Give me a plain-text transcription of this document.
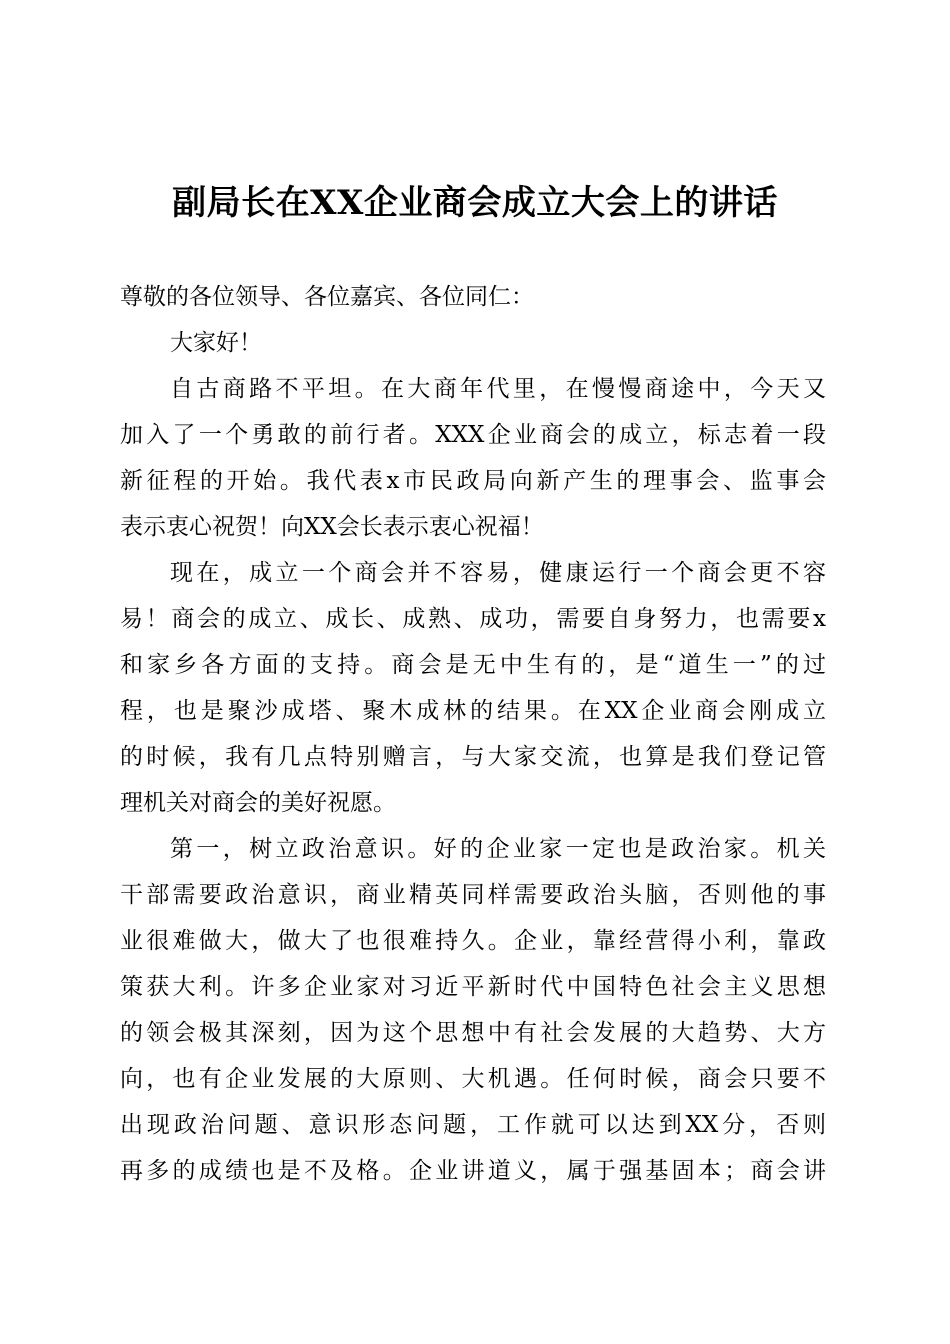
副局长在XX企业商会成立大会上的讲话
尊敬的各位领导、各位嘉宾、各位同仁：
大家好！
自古商路不平坦。在大商年代里，在慢慢商途中，今天又
加入了一个勇敢的前行者。XXX企业商会的成立，标志着一段
新征程的开始。我代表x市民政局向新产生的理事会、监事会
表示衷心祝贺！向XX会长表示衷心祝福！
现在，成立一个商会并不容易，健康运行一个商会更不容
易！商会的成立、成长、成熟、成功，需要自身努力，也需要x
和家乡各方面的支持。商会是无中生有的，是“道生一”的过
程，也是聚沙成塔、聚木成林的结果。在XX企业商会刚成立
的时候，我有几点特别赠言，与大家交流，也算是我们登记管
理机关对商会的美好祝愿。
第一，树立政治意识。好的企业家一定也是政治家。机关
干部需要政治意识，商业精英同样需要政治头脑，否则他的事
业很难做大，做大了也很难持久。企业，靠经营得小利，靠政
策获大利。许多企业家对习近平新时代中国特色社会主义思想
的领会极其深刻，因为这个思想中有社会发展的大趋势、大方
向，也有企业发展的大原则、大机遇。任何时候，商会只要不
出现政治问题、意识形态问题，工作就可以达到XX分，否则
再多的成绩也是不及格。企业讲道义，属于强基固本；商会讲
